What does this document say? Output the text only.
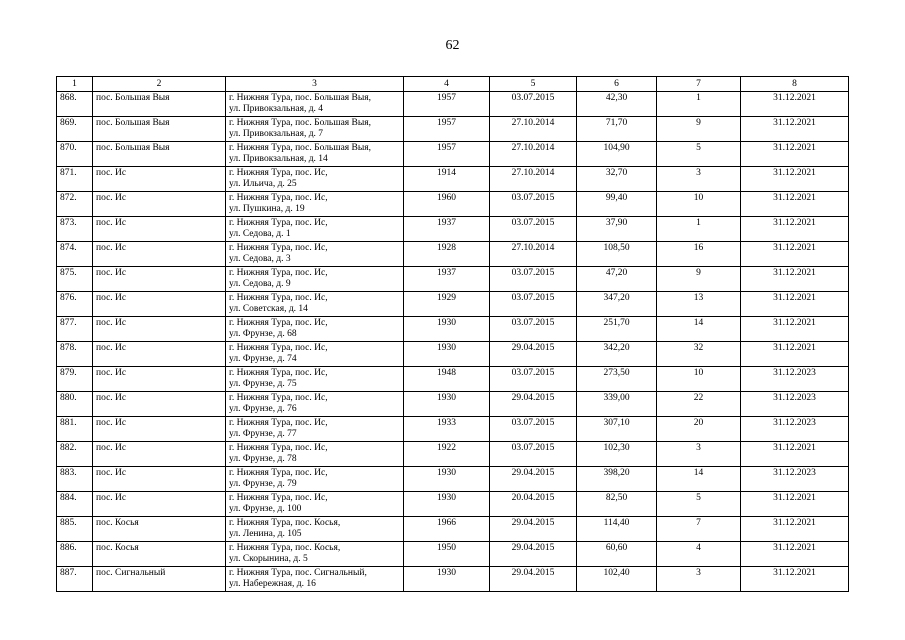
62
1	2	3	4	5	6	7	8
868.	пос. Большая Выя	г. Нижняя Тура, пос. Большая Выя,
ул. Привокзальная, д. 4	1957	03.07.2015	42,30	1	31.12.2021
869.	пос. Большая Выя	г. Нижняя Тура, пос. Большая Выя,
ул. Привокзальная, д. 7	1957	27.10.2014	71,70	9	31.12.2021
870.	пос. Большая Выя	г. Нижняя Тура, пос. Большая Выя,
ул. Привокзальная, д. 14	1957	27.10.2014	104,90	5	31.12.2021
871.	пос. Ис	г. Нижняя Тура, пос. Ис,
ул. Ильича, д. 25	1914	27.10.2014	32,70	3	31.12.2021
872.	пос. Ис	г. Нижняя Тура, пос. Ис,
ул. Пушкина, д. 19	1960	03.07.2015	99,40	10	31.12.2021
873.	пос. Ис	г. Нижняя Тура, пос. Ис,
ул. Седова, д. 1	1937	03.07.2015	37,90	1	31.12.2021
874.	пос. Ис	г. Нижняя Тура, пос. Ис,
ул. Седова, д. 3	1928	27.10.2014	108,50	16	31.12.2021
875.	пос. Ис	г. Нижняя Тура, пос. Ис,
ул. Седова, д. 9	1937	03.07.2015	47,20	9	31.12.2021
876.	пос. Ис	г. Нижняя Тура, пос. Ис,
ул. Советская, д. 14	1929	03.07.2015	347,20	13	31.12.2021
877.	пос. Ис	г. Нижняя Тура, пос. Ис,
ул. Фрунзе, д. 68	1930	03.07.2015	251,70	14	31.12.2021
878.	пос. Ис	г. Нижняя Тура, пос. Ис,
ул. Фрунзе, д. 74	1930	29.04.2015	342,20	32	31.12.2021
879.	пос. Ис	г. Нижняя Тура, пос. Ис,
ул. Фрунзе, д. 75	1948	03.07.2015	273,50	10	31.12.2023
880.	пос. Ис	г. Нижняя Тура, пос. Ис,
ул. Фрунзе, д. 76	1930	29.04.2015	339,00	22	31.12.2023
881.	пос. Ис	г. Нижняя Тура, пос. Ис,
ул. Фрунзе, д. 77	1933	03.07.2015	307,10	20	31.12.2023
882.	пос. Ис	г. Нижняя Тура, пос. Ис,
ул. Фрунзе, д. 78	1922	03.07.2015	102,30	3	31.12.2021
883.	пос. Ис	г. Нижняя Тура, пос. Ис,
ул. Фрунзе, д. 79	1930	29.04.2015	398,20	14	31.12.2023
884.	пос. Ис	г. Нижняя Тура, пос. Ис,
ул. Фрунзе, д. 100	1930	20.04.2015	82,50	5	31.12.2021
885.	пос. Косья	г. Нижняя Тура, пос. Косья,
ул. Ленина, д. 105	1966	29.04.2015	114,40	7	31.12.2021
886.	пос. Косья	г. Нижняя Тура, пос. Косья,
ул. Скорынина, д. 5	1950	29.04.2015	60,60	4	31.12.2021
887.	пос. Сигнальный	г. Нижняя Тура, пос. Сигнальный,
ул. Набережная, д. 16	1930	29.04.2015	102,40	3	31.12.2021
